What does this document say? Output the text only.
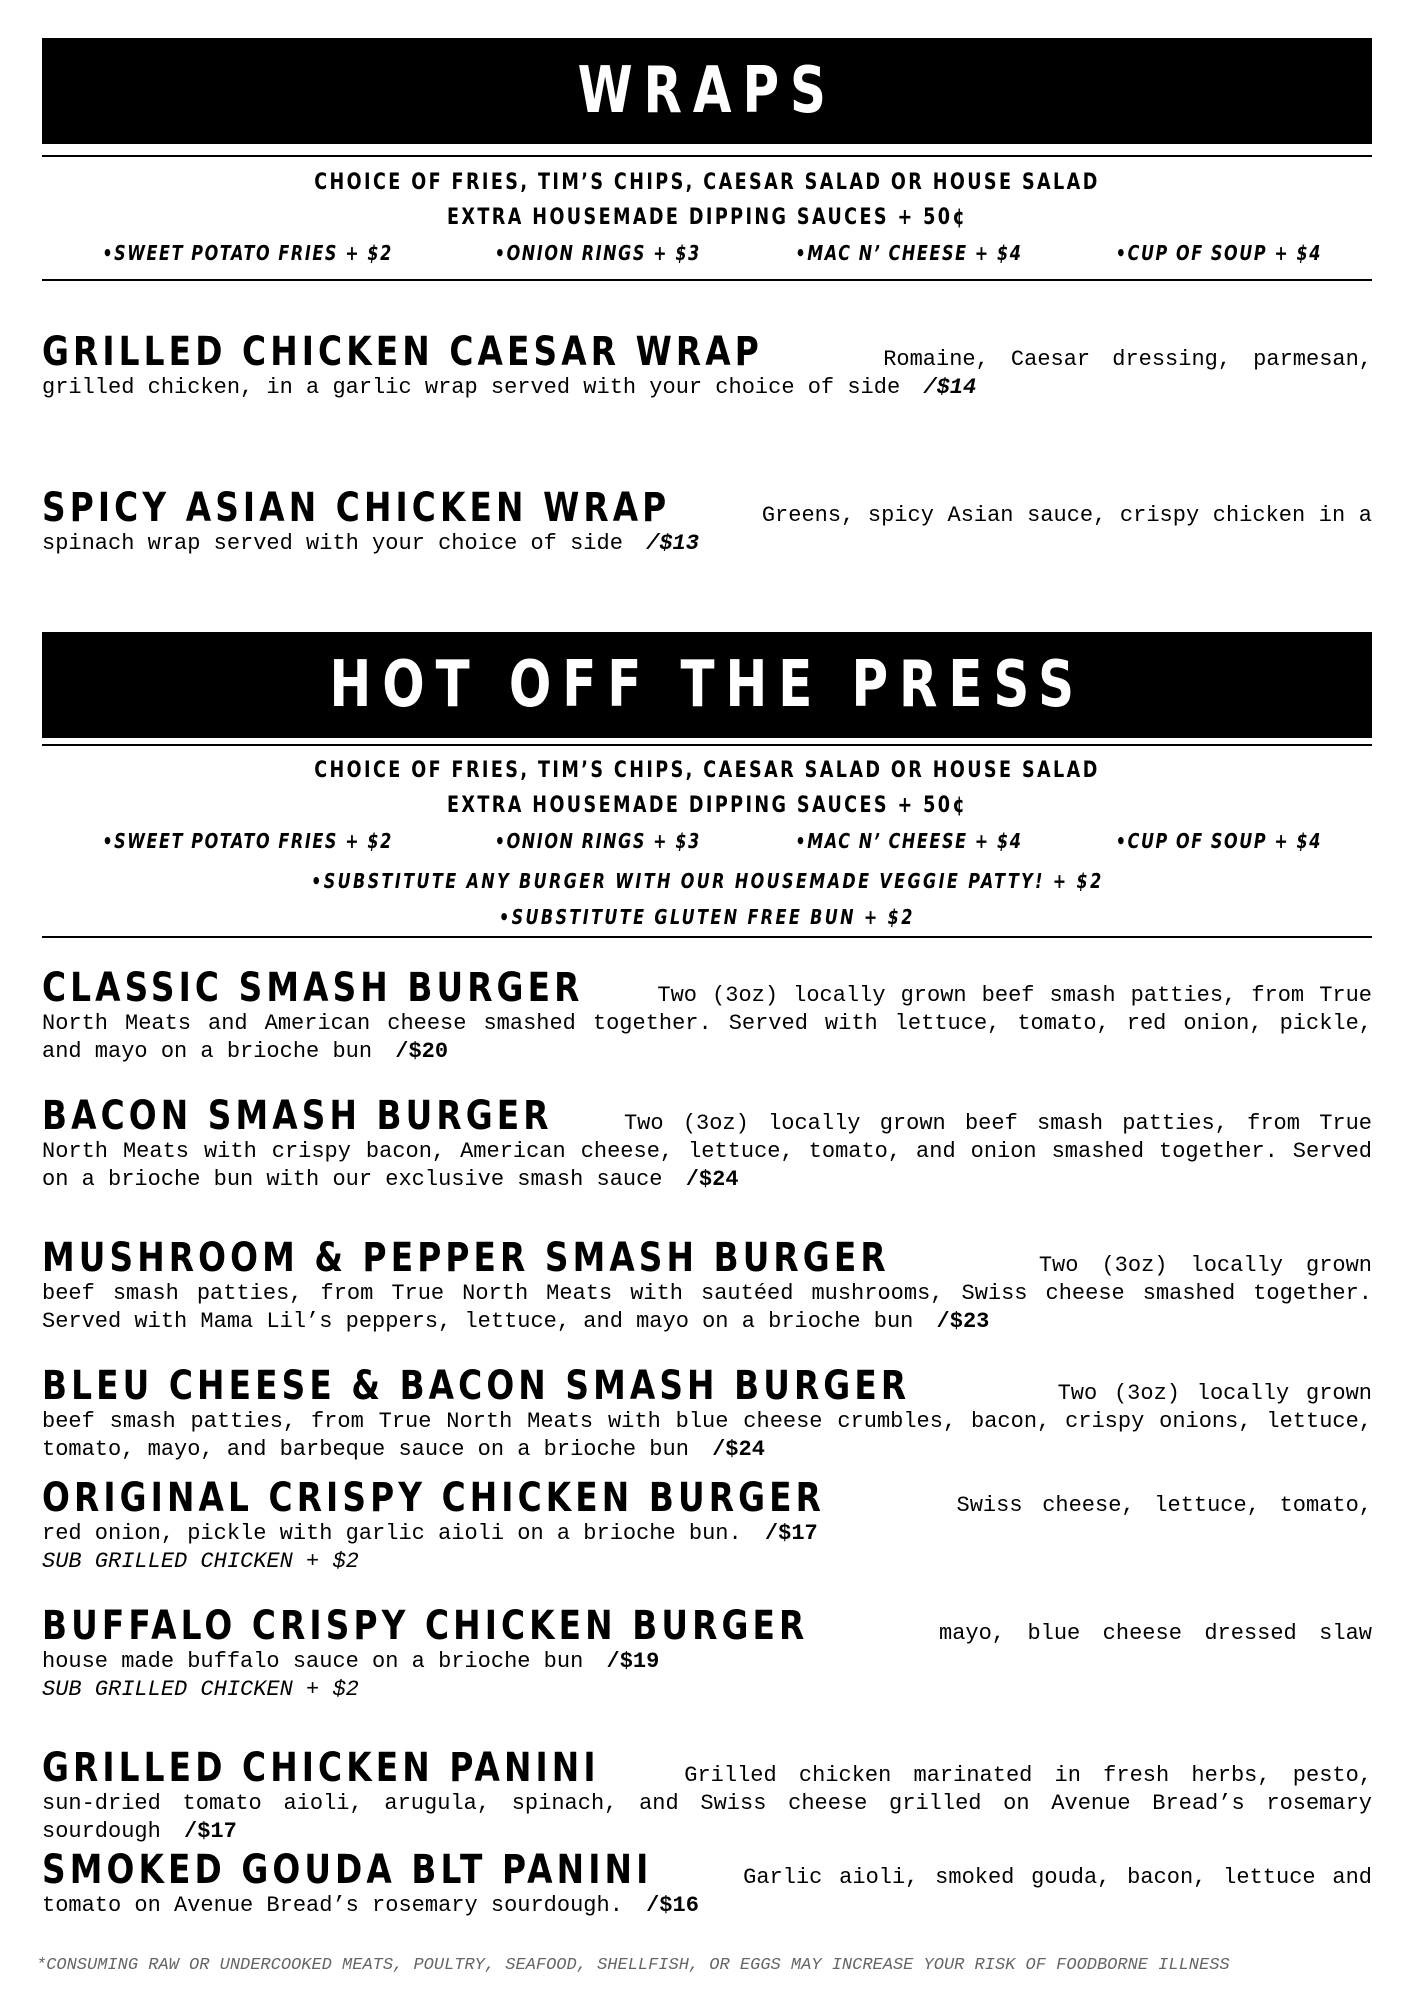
WRAPS
CHOICE OF FRIES, TIM’S CHIPS, CAESAR SALAD OR HOUSE SALAD
EXTRA HOUSEMADE DIPPING SAUCES + 50¢
•SWEET POTATO FRIES + $2	•ONION RINGS + $3	•MAC N’ CHEESE + $4	•CUP OF SOUP + $4
GRILLED CHICKEN CAESAR WRAP	Romaine, Caesar dressing, parmesan, grilled chicken, in a garlic wrap served with your choice of side /$14
SPICY ASIAN CHICKEN WRAP	Greens, spicy Asian sauce, crispy chicken in a spinach wrap served with your choice of side /$13
HOT OFF THE PRESS
CHOICE OF FRIES, TIM’S CHIPS, CAESAR SALAD OR HOUSE SALAD
EXTRA HOUSEMADE DIPPING SAUCES + 50¢
•SWEET POTATO FRIES + $2	•ONION RINGS + $3	•MAC N’ CHEESE + $4	•CUP OF SOUP + $4
•SUBSTITUTE ANY BURGER WITH OUR HOUSEMADE VEGGIE PATTY! + $2
•SUBSTITUTE GLUTEN FREE BUN + $2
CLASSIC SMASH BURGER	Two (3oz) locally grown beef smash patties, from True North Meats and American cheese smashed together. Served with lettuce, tomato, red onion, pickle, and mayo on a brioche bun /$20
BACON SMASH BURGER	Two (3oz) locally grown beef smash patties, from True North Meats with crispy bacon, American cheese, lettuce, tomato, and onion smashed together. Served on a brioche bun with our exclusive smash sauce /$24
MUSHROOM & PEPPER SMASH BURGER	Two (3oz) locally grown beef smash patties, from True North Meats with sautéed mushrooms, Swiss cheese smashed together. Served with Mama Lil’s peppers, lettuce, and mayo on a brioche bun /$23
BLEU CHEESE & BACON SMASH BURGER	Two (3oz) locally grown beef smash patties, from True North Meats with blue cheese crumbles, bacon, crispy onions, lettuce, tomato, mayo, and barbeque sauce on a brioche bun /$24
ORIGINAL CRISPY CHICKEN BURGER	Swiss cheese, lettuce, tomato, red onion, pickle with garlic aioli on a brioche bun. /$17
SUB GRILLED CHICKEN + $2
BUFFALO CRISPY CHICKEN BURGER	mayo, blue cheese dressed slaw house made buffalo sauce on a brioche bun /$19
SUB GRILLED CHICKEN + $2
GRILLED CHICKEN PANINI	Grilled chicken marinated in fresh herbs, pesto, sun-dried tomato aioli, arugula, spinach, and Swiss cheese grilled on Avenue Bread’s rosemary sourdough /$17
SMOKED GOUDA BLT PANINI	Garlic aioli, smoked gouda, bacon, lettuce and tomato on Avenue Bread’s rosemary sourdough. /$16
*CONSUMING RAW OR UNDERCOOKED MEATS, POULTRY, SEAFOOD, SHELLFISH, OR EGGS MAY INCREASE YOUR RISK OF FOODBORNE ILLNESS
